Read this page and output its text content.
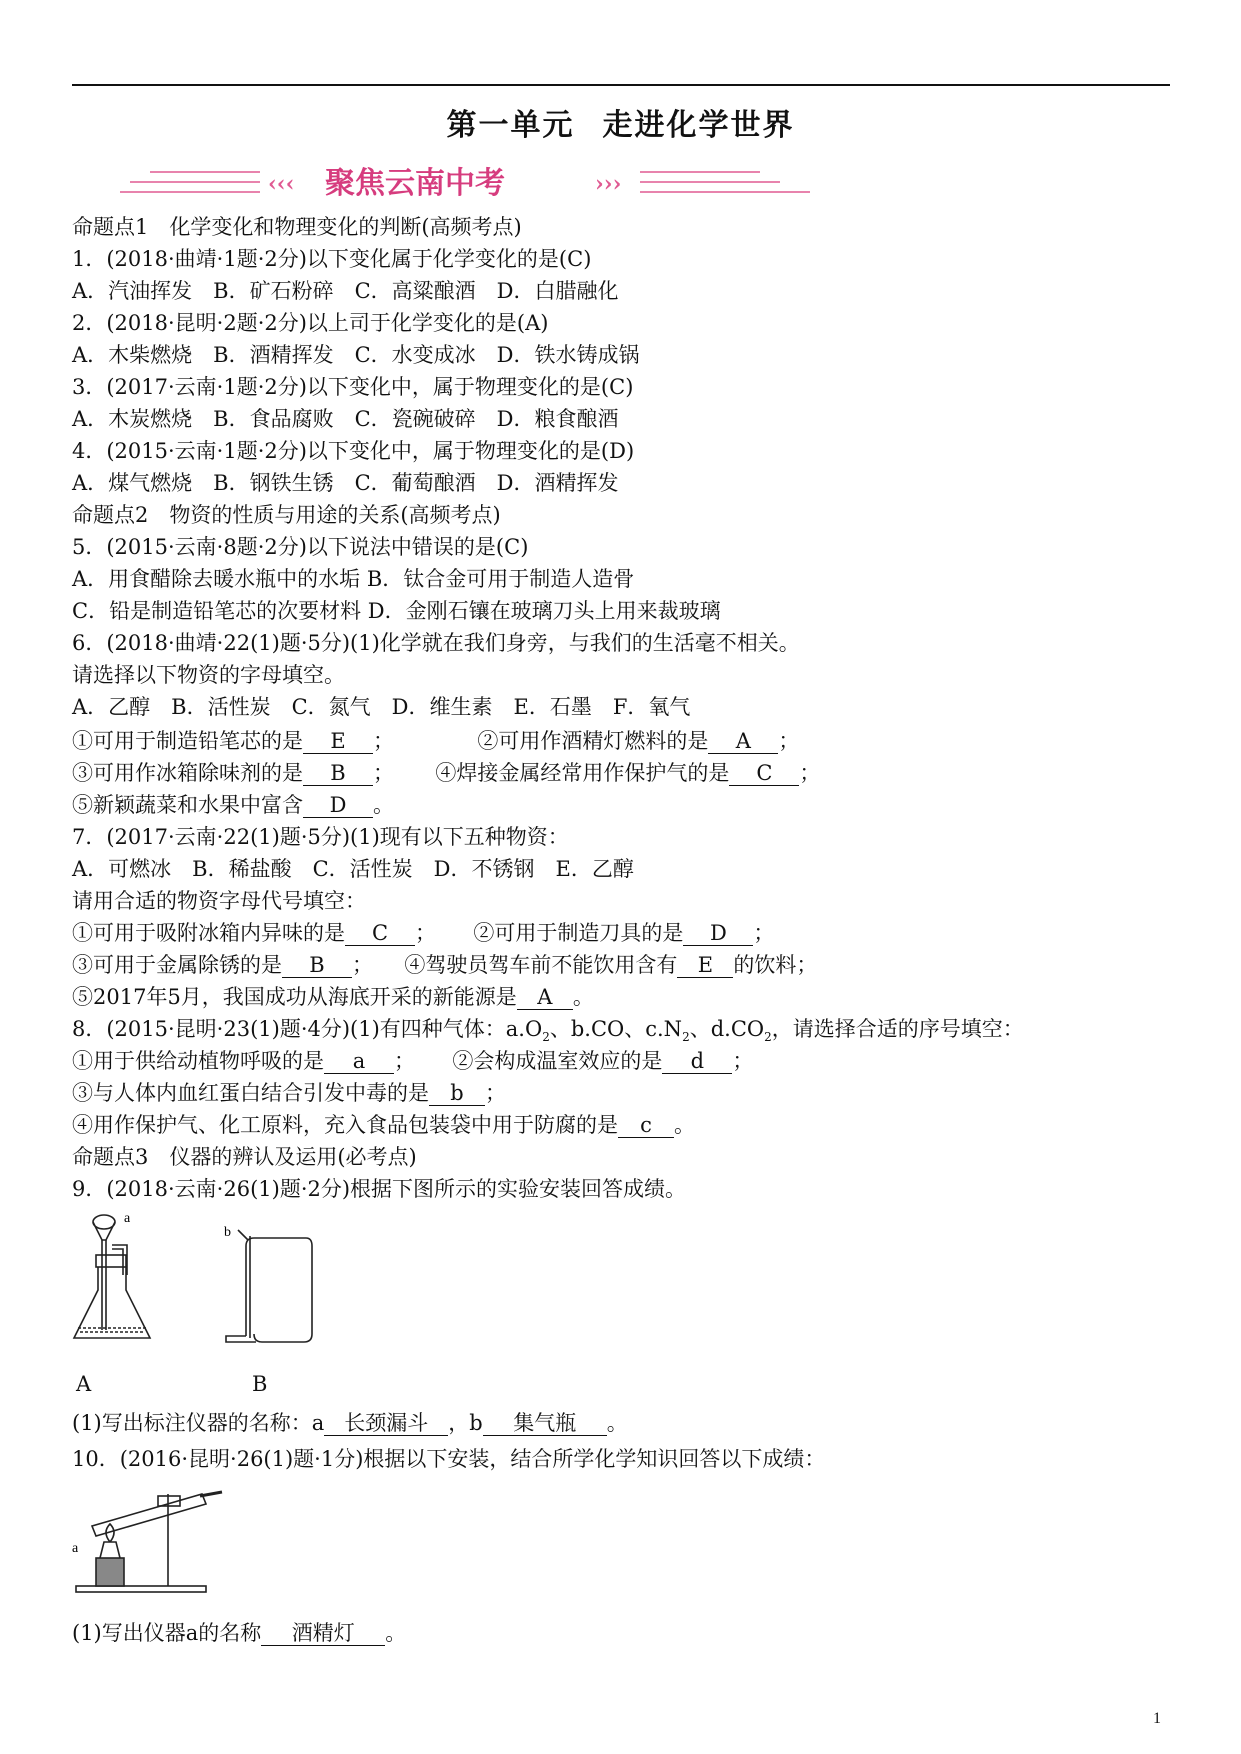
第一单元 走进化学世界
‹‹‹ 聚焦云南中考	›››
命题点1　化学变化和物理变化的判断(高频考点)
1．(2018·曲靖·1题·2分)以下变化属于化学变化的是(C)
A．汽油挥发　B．矿石粉碎　C．高粱酿酒　D．白腊融化
2．(2018·昆明·2题·2分)以上司于化学变化的是(A)
A．木柴燃烧　B．酒精挥发　C．水变成冰　D．铁水铸成锅
3．(2017·云南·1题·2分)以下变化中，属于物理变化的是(C)
A．木炭燃烧　B．食品腐败　C．瓷碗破碎　D．粮食酿酒
4．(2015·云南·1题·2分)以下变化中，属于物理变化的是(D)
A．煤气燃烧　B．钢铁生锈　C．葡萄酿酒　D．酒精挥发
命题点2　物资的性质与用途的关系(高频考点)
5．(2015·云南·8题·2分)以下说法中错误的是(C)
A．用食醋除去暖水瓶中的水垢 B．钛合金可用于制造人造骨
C．铅是制造铅笔芯的次要材料 D．金刚石镶在玻璃刀头上用来裁玻璃
6．(2018·曲靖·22(1)题·5分)(1)化学就在我们身旁，与我们的生活毫不相关。
请选择以下物资的字母填空。
A．乙醇　B．活性炭　C．氮气　D．维生素　E．石墨　F．氧气
①可用于制造铅笔芯的是 E ；	②可用作酒精灯燃料的是 A ；
③可用作冰箱除味剂的是 B ； ④焊接金属经常用作保护气的是 C ；
⑤新颖蔬菜和水果中富含 D 。
7．(2017·云南·22(1)题·5分)(1)现有以下五种物资：
A．可燃冰　B．稀盐酸　C．活性炭　D．不锈钢　E．乙醇
请用合适的物资字母代号填空：
①可用于吸附冰箱内异味的是 C ； ②可用于制造刀具的是 D ；
③可用于金属除锈的是 B ； ④驾驶员驾车前不能饮用含有 E 的饮料；
⑤2017年5月，我国成功从海底开采的新能源是 A 。
8．(2015·昆明·23(1)题·4分)(1)有四种气体：$a.O_2$、b.CO、$c.N_2$、$d.CO_2$，请选择合适的序号填空：
①用于供给动植物呼吸的是 a ； ②会构成温室效应的是 d ；
③与人体内血红蛋白结合引发中毒的是 b ；
④用作保护气、化工原料，充入食品包装袋中用于防腐的是 c 。
命题点3　仪器的辨认及运用(必考点)
9．(2018·云南·26(1)题·2分)根据下图所示的实验安装回答成绩。
a
A
b
B
(1)写出标注仪器的名称：a 长颈漏斗 ，b 集气瓶 。
10．(2016·昆明·26(1)题·1分)根据以下安装，结合所学化学知识回答以下成绩：
a
(1)写出仪器a的名称 酒精灯 。
1
